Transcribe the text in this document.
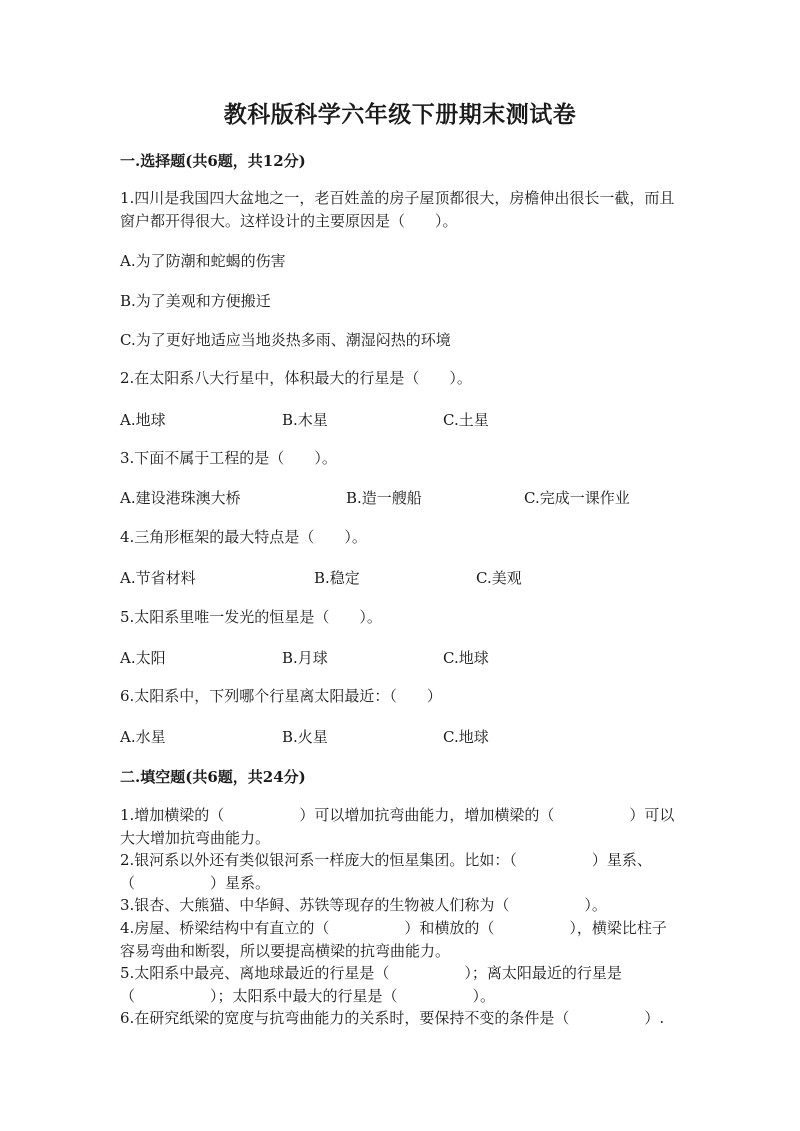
教科版科学六年级下册期末测试卷

一.选择题(共6题，共12分)

1.四川是我国四大盆地之一，老百姓盖的房子屋顶都很大，房檐伸出很长一截，而且窗户都开得很大。这样设计的主要原因是（　　）。

A.为了防潮和蛇蝎的伤害

B.为了美观和方便搬迁

C.为了更好地适应当地炎热多雨、潮湿闷热的环境

2.在太阳系八大行星中，体积最大的行星是（　　）。

A.地球	B.木星	C.土星

3.下面不属于工程的是（　　）。

A.建设港珠澳大桥	B.造一艘船	C.完成一课作业

4.三角形框架的最大特点是（　　）。

A.节省材料	B.稳定	C.美观

5.太阳系里唯一发光的恒星是（　　）。

A.太阳	B.月球	C.地球

6.太阳系中，下列哪个行星离太阳最近：（　　）

A.水星	B.火星	C.地球

二.填空题(共6题，共24分)

1.增加横梁的（　　　　　）可以增加抗弯曲能力，增加横梁的（　　　　　）可以大大增加抗弯曲能力。

2.银河系以外还有类似银河系一样庞大的恒星集团。比如：（　　　　　）星系、（　　　　　）星系。

3.银杏、大熊猫、中华鲟、苏铁等现存的生物被人们称为（　　　　　）。

4.房屋、桥梁结构中有直立的（　　　　　）和横放的（　　　　　），横梁比柱子容易弯曲和断裂，所以要提高横梁的抗弯曲能力。

5.太阳系中最亮、离地球最近的行星是（　　　　　）；离太阳最近的行星是（　　　　　）；太阳系中最大的行星是（　　　　　）。

6.在研究纸梁的宽度与抗弯曲能力的关系时，要保持不变的条件是（　　　　　）.
